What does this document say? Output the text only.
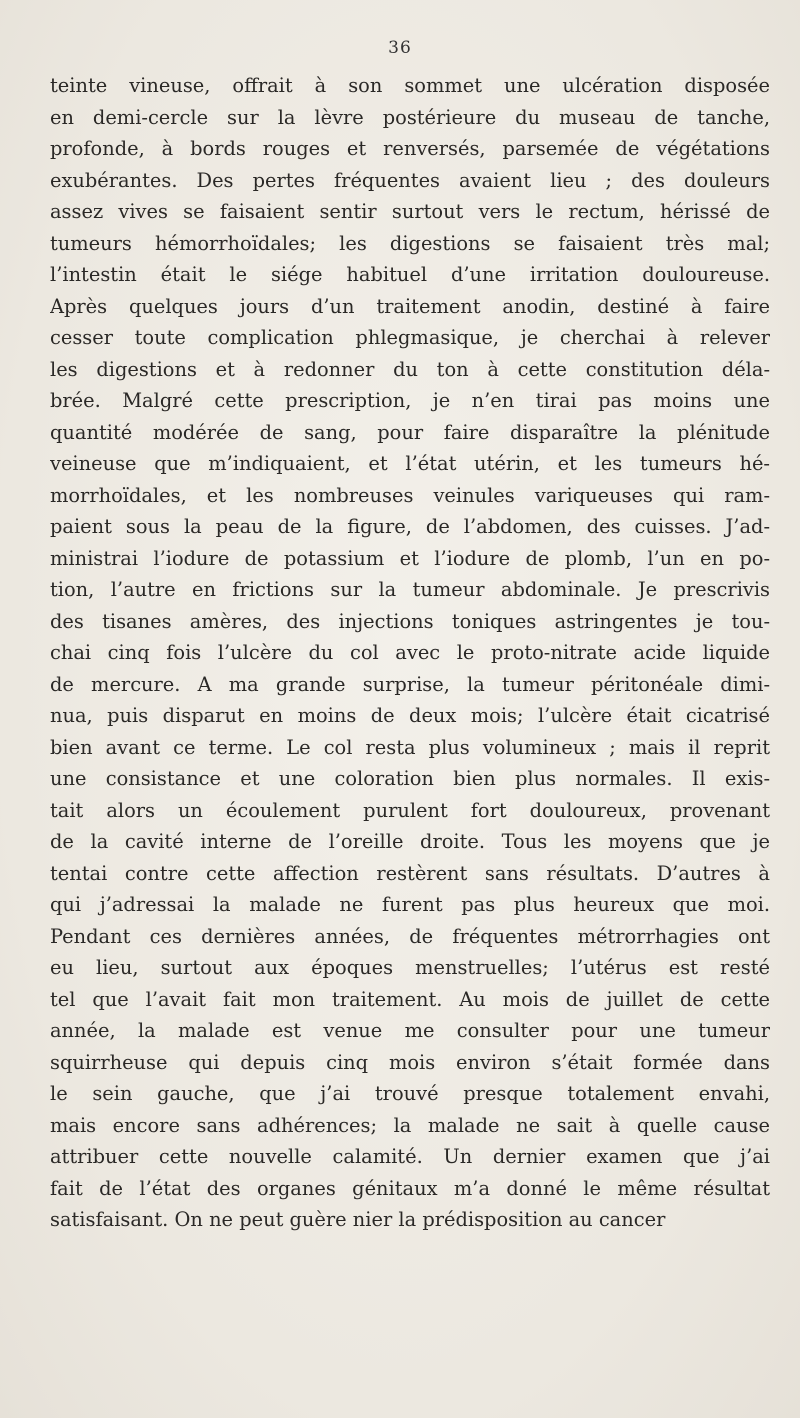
36
teinte vineuse, offrait à son sommet une ulcération disposée
en demi-cercle sur la lèvre postérieure du museau de tanche,
profonde, à bords rouges et renversés, parsemée de végétations
exubérantes. Des pertes fréquentes avaient lieu ; des douleurs
assez vives se faisaient sentir surtout vers le rectum, hérissé de
tumeurs hémorrhoïdales; les digestions se faisaient très mal;
l’intestin était le siége habituel d’une irritation douloureuse.
Après quelques jours d’un traitement anodin, destiné à faire
cesser toute complication phlegmasique, je cherchai à relever
les digestions et à redonner du ton à cette constitution déla-
brée. Malgré cette prescription, je n’en tirai pas moins une
quantité modérée de sang, pour faire disparaître la plénitude
veineuse que m’indiquaient, et l’état utérin, et les tumeurs hé-
morrhoïdales, et les nombreuses veinules variqueuses qui ram-
paient sous la peau de la figure, de l’abdomen, des cuisses. J’ad-
ministrai l’iodure de potassium et l’iodure de plomb, l’un en po-
tion, l’autre en frictions sur la tumeur abdominale. Je prescrivis
des tisanes amères, des injections toniques astringentes je tou-
chai cinq fois l’ulcère du col avec le proto-nitrate acide liquide
de mercure. A ma grande surprise, la tumeur péritonéale dimi-
nua, puis disparut en moins de deux mois; l’ulcère était cicatrisé
bien avant ce terme. Le col resta plus volumineux ; mais il reprit
une consistance et une coloration bien plus normales. Il exis-
tait alors un écoulement purulent fort douloureux, provenant
de la cavité interne de l’oreille droite. Tous les moyens que je
tentai contre cette affection restèrent sans résultats. D’autres à
qui j’adressai la malade ne furent pas plus heureux que moi.
Pendant ces dernières années, de fréquentes métrorrhagies ont
eu lieu, surtout aux époques menstruelles; l’utérus est resté
tel que l’avait fait mon traitement. Au mois de juillet de cette
année, la malade est venue me consulter pour une tumeur
squirrheuse qui depuis cinq mois environ s’était formée dans
le sein gauche, que j’ai trouvé presque totalement envahi,
mais encore sans adhérences; la malade ne sait à quelle cause
attribuer cette nouvelle calamité. Un dernier examen que j’ai
fait de l’état des organes génitaux m’a donné le même résultat
satisfaisant. On ne peut guère nier la prédisposition au cancer
